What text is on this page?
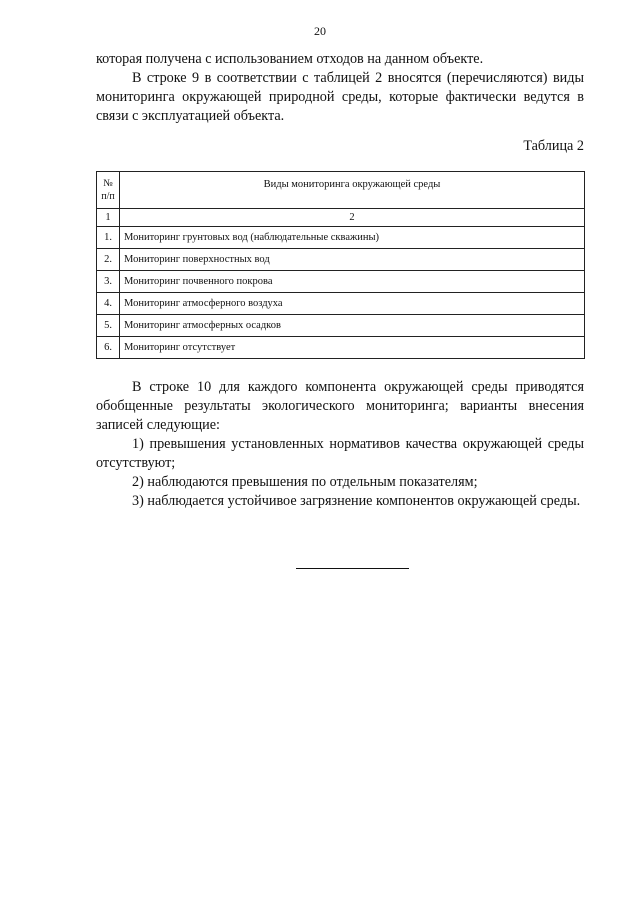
20

которая получена с использованием отходов на данном объекте.

В строке 9 в соответствии с таблицей 2 вносятся (перечисляются) виды мониторинга окружающей природной среды, которые фактически ведутся в связи с эксплуатацией объекта.

Таблица 2
№ п/п	Виды мониторинга окружающей среды
1	2
1.	Мониторинг грунтовых вод (наблюдательные скважины)
2.	Мониторинг поверхностных вод
3.	Мониторинг почвенного покрова
4.	Мониторинг атмосферного воздуха
5.	Мониторинг атмосферных осадков
6.	Мониторинг отсутствует

В строке 10 для каждого компонента окружающей среды приводятся обобщенные результаты экологического мониторинга; варианты внесения записей следующие:

1) превышения установленных нормативов качества окружающей среды отсутствуют;

2) наблюдаются превышения по отдельным показателям;

3) наблюдается устойчивое загрязнение компонентов окружающей среды.
